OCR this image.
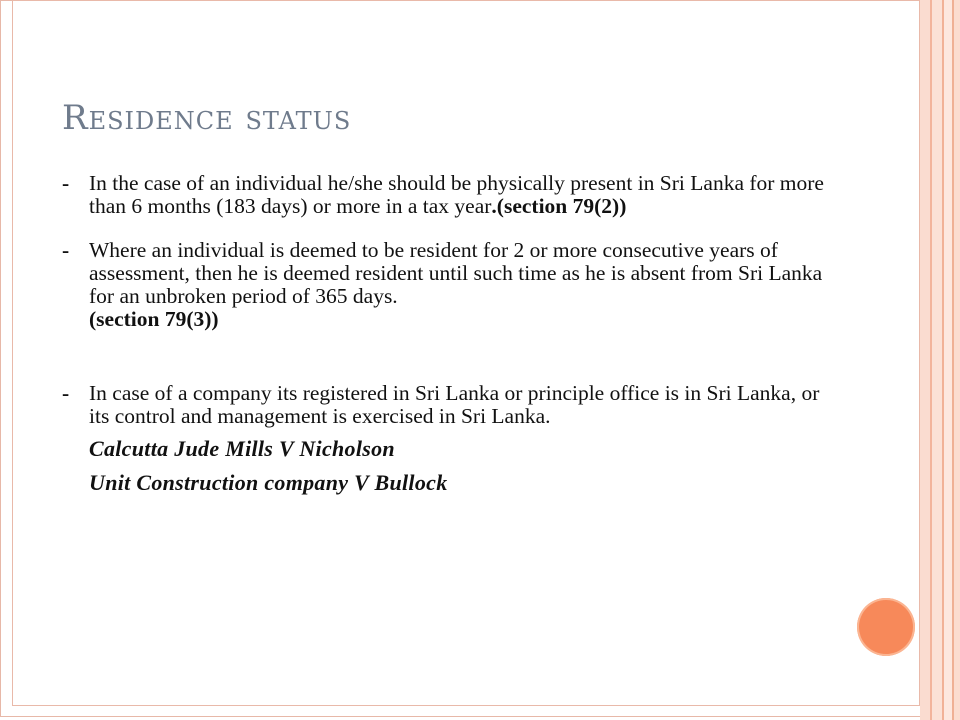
Residence status

- In the case of an individual he/she should be physically present in Sri Lanka for more than 6 months (183 days) or more in a tax year.(section 79(2))

- Where an individual is deemed to be resident for 2 or more consecutive years of assessment, then he is deemed resident until such time as he is absent from Sri Lanka for an unbroken period of 365 days.
(section 79(3))

- In case of a company its registered in Sri Lanka or principle office is in Sri Lanka, or its control and management is exercised in Sri Lanka.

Calcutta Jude Mills V Nicholson
Unit Construction company V Bullock
